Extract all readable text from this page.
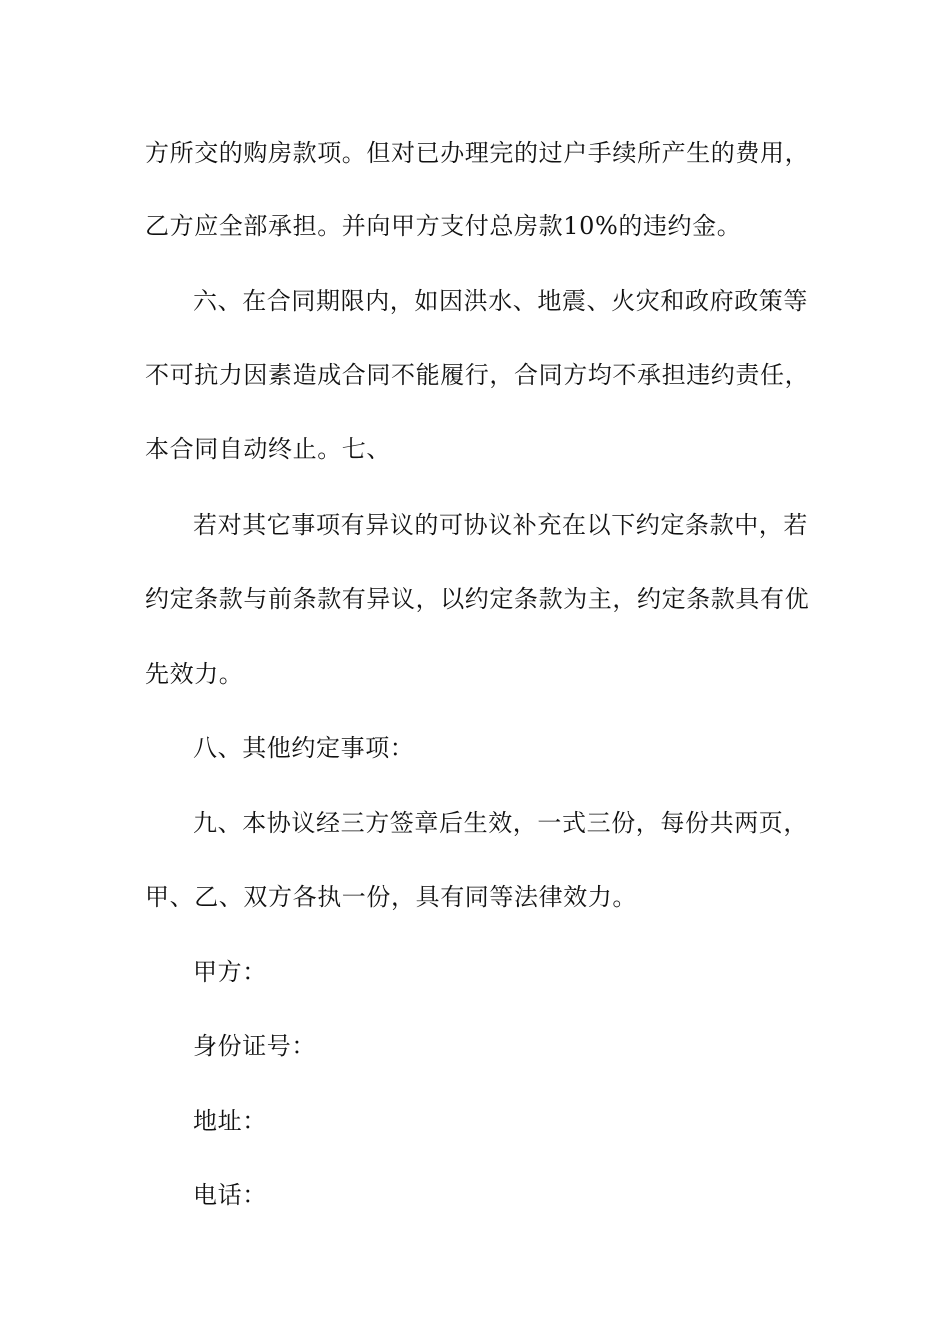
方所交的购房款项。但对已办理完的过户手续所产生的费用，
乙方应全部承担。并向甲方支付总房款10%的违约金。
六、在合同期限内，如因洪水、地震、火灾和政府政策等
不可抗力因素造成合同不能履行，合同方均不承担违约责任，
本合同自动终止。七、
若对其它事项有异议的可协议补充在以下约定条款中，若
约定条款与前条款有异议，以约定条款为主，约定条款具有优
先效力。
八、其他约定事项：
九、本协议经三方签章后生效，一式三份，每份共两页，
甲、乙、双方各执一份，具有同等法律效力。
甲方：
身份证号：
地址：
电话：
